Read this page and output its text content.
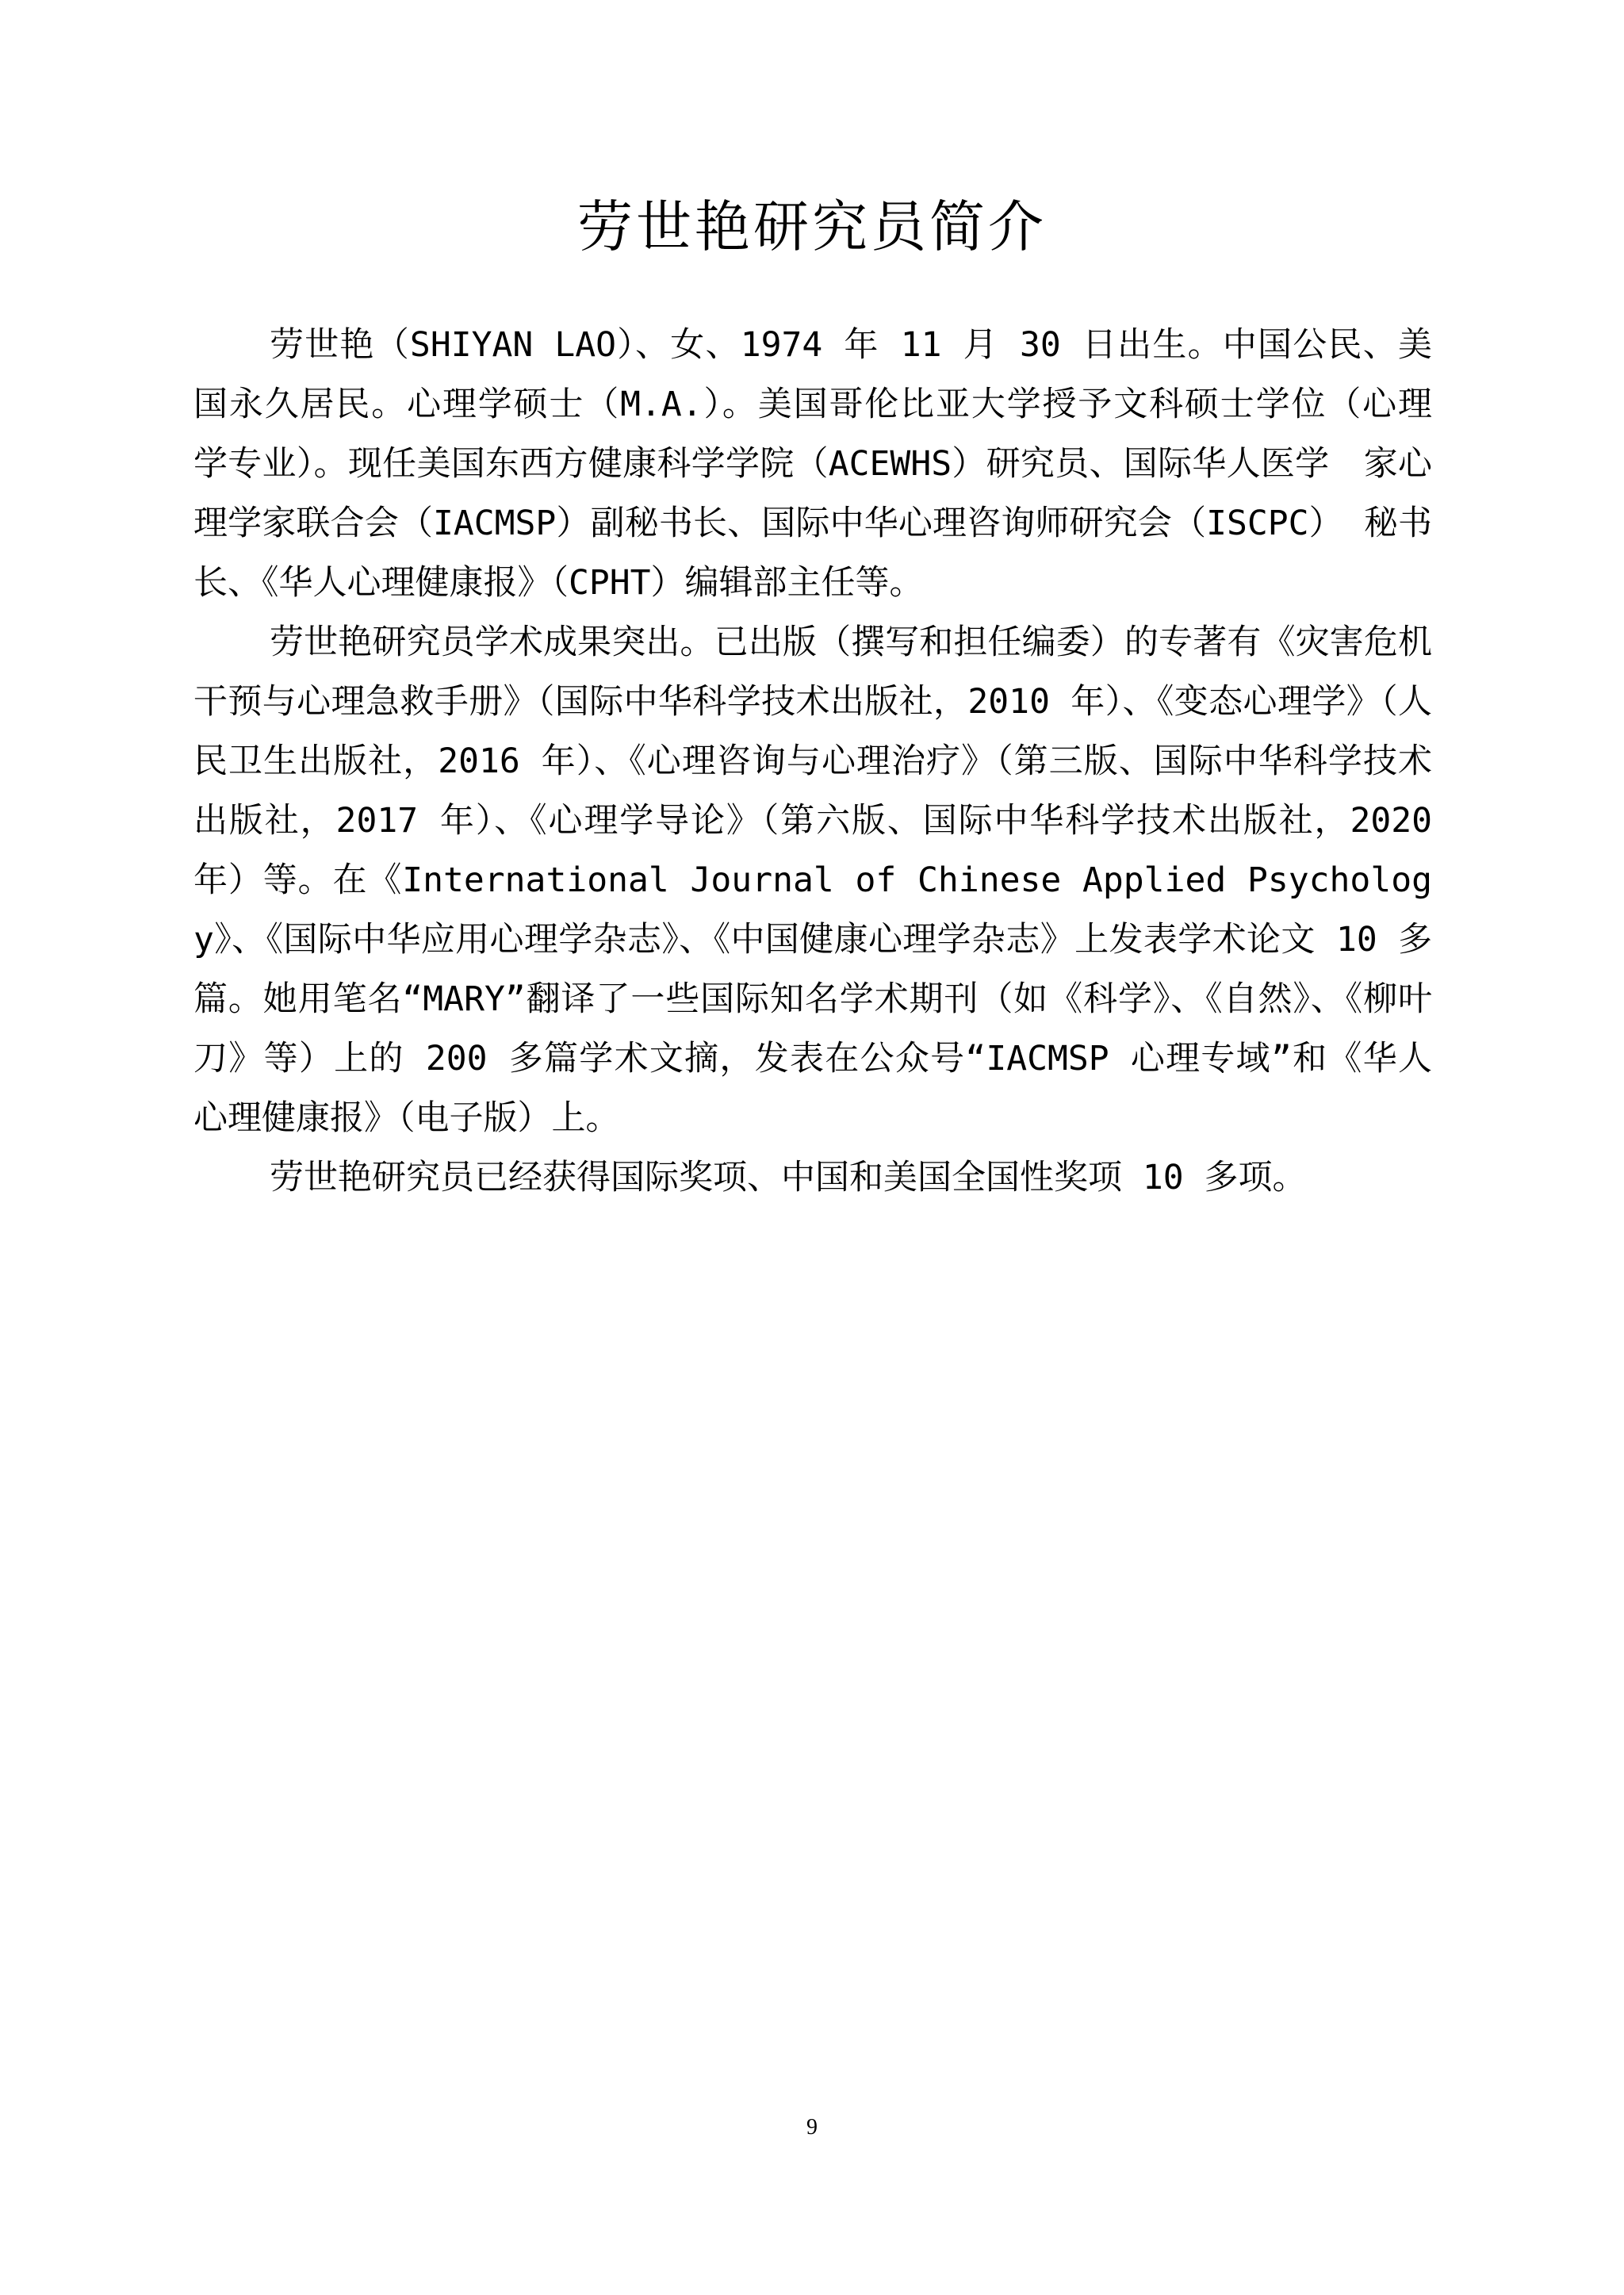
劳世艳研究员简介

劳世艳（SHIYAN LAO）、女、1974 年 11 月 30 日出生。中国公民、美国永久居民。心理学硕士（M.A.）。美国哥伦比亚大学授予文科硕士学位（心理　学专业）。现任美国东西方健康科学学院（ACEWHS）研究员、国际华人医学　家心理学家联合会（IACMSP）副秘书长、国际中华心理咨询师研究会（ISCPC） 秘书长、《华人心理健康报》（CPHT）编辑部主任等。

劳世艳研究员学术成果突出。已出版（撰写和担任编委）的专著有《灾害危机干预与心理急救手册》（国际中华科学技术出版社，2010 年）、《变态心理学》（人民卫生出版社，2016 年）、《心理咨询与心理治疗》（第三版、国际中华科学技术出版社，2017 年）、《心理学导论》（第六版、国际中华科学技术出版社，2020 年）等。在《International Journal of Chinese Applied Psychology》、《国际中华应用心理学杂志》、《中国健康心理学杂志》上发表学术论文 10 多 篇。她用笔名“MARY”翻译了一些国际知名学术期刊（如《科学》、《自然》、《柳叶刀》等）上的 200 多篇学术文摘，发表在公众号“IACMSP 心理专域”和《华人心理健康报》（电子版）上。

劳世艳研究员已经获得国际奖项、中国和美国全国性奖项 10 多项。

9
